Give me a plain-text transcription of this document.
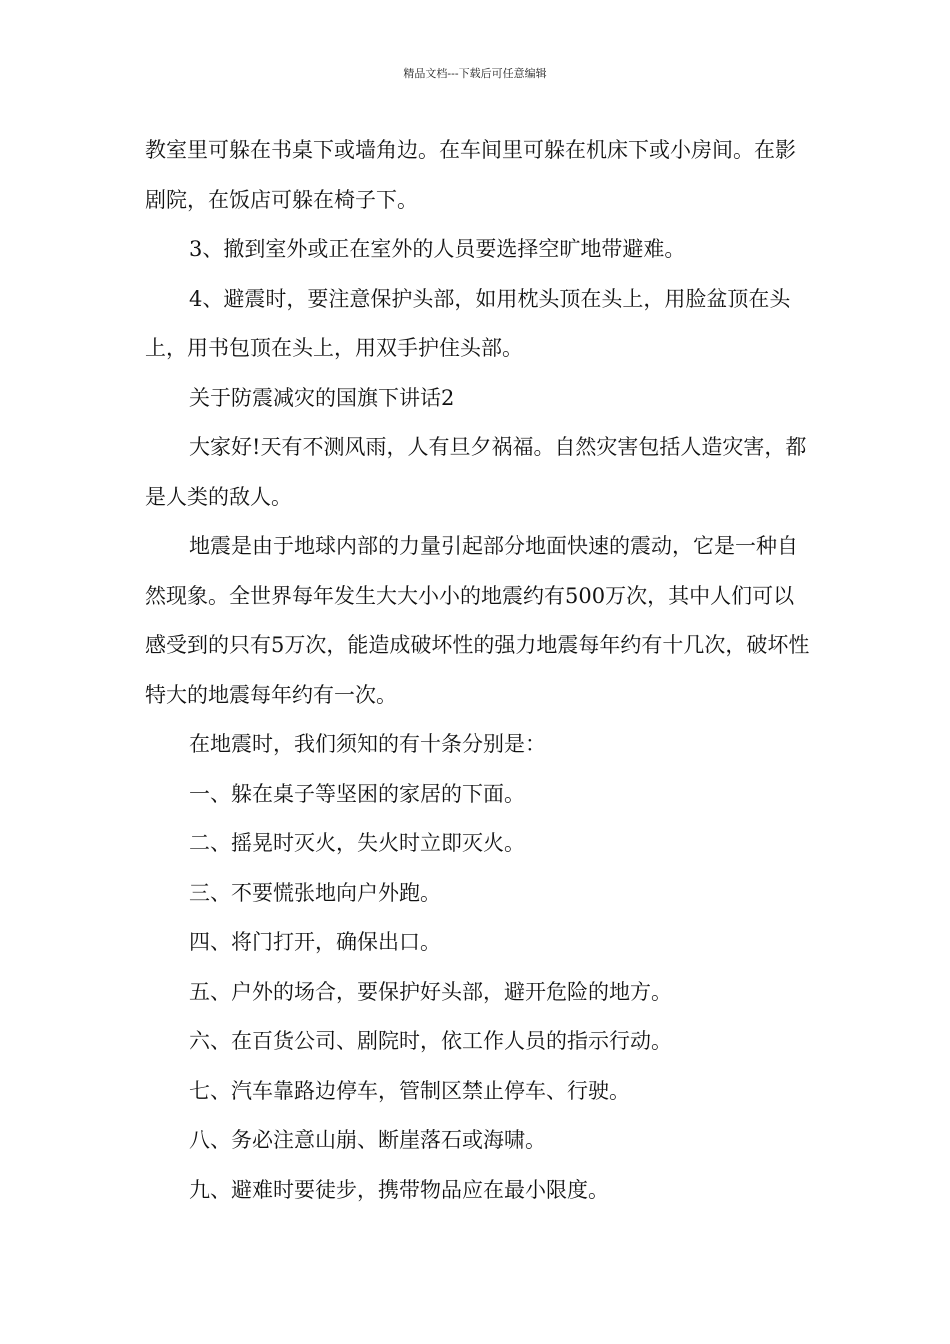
精品文档---下载后可任意编辑

教室里可躲在书桌下或墙角边。在车间里可躲在机床下或小房间。在影剧院，在饭店可躲在椅子下。

3、撤到室外或正在室外的人员要选择空旷地带避难。

4、避震时，要注意保护头部，如用枕头顶在头上，用脸盆顶在头上，用书包顶在头上，用双手护住头部。

关于防震减灾的国旗下讲话2

大家好!天有不测风雨，人有旦夕祸福。自然灾害包括人造灾害，都是人类的敌人。

地震是由于地球内部的力量引起部分地面快速的震动，它是一种自然现象。全世界每年发生大大小小的地震约有500万次，其中人们可以感受到的只有5万次，能造成破坏性的强力地震每年约有十几次，破坏性特大的地震每年约有一次。

在地震时，我们须知的有十条分别是：

一、躲在桌子等坚困的家居的下面。

二、摇晃时灭火，失火时立即灭火。

三、不要慌张地向户外跑。

四、将门打开，确保出口。

五、户外的场合，要保护好头部，避开危险的地方。

六、在百货公司、剧院时，依工作人员的指示行动。

七、汽车靠路边停车，管制区禁止停车、行驶。

八、务必注意山崩、断崖落石或海啸。

九、避难时要徒步，携带物品应在最小限度。
